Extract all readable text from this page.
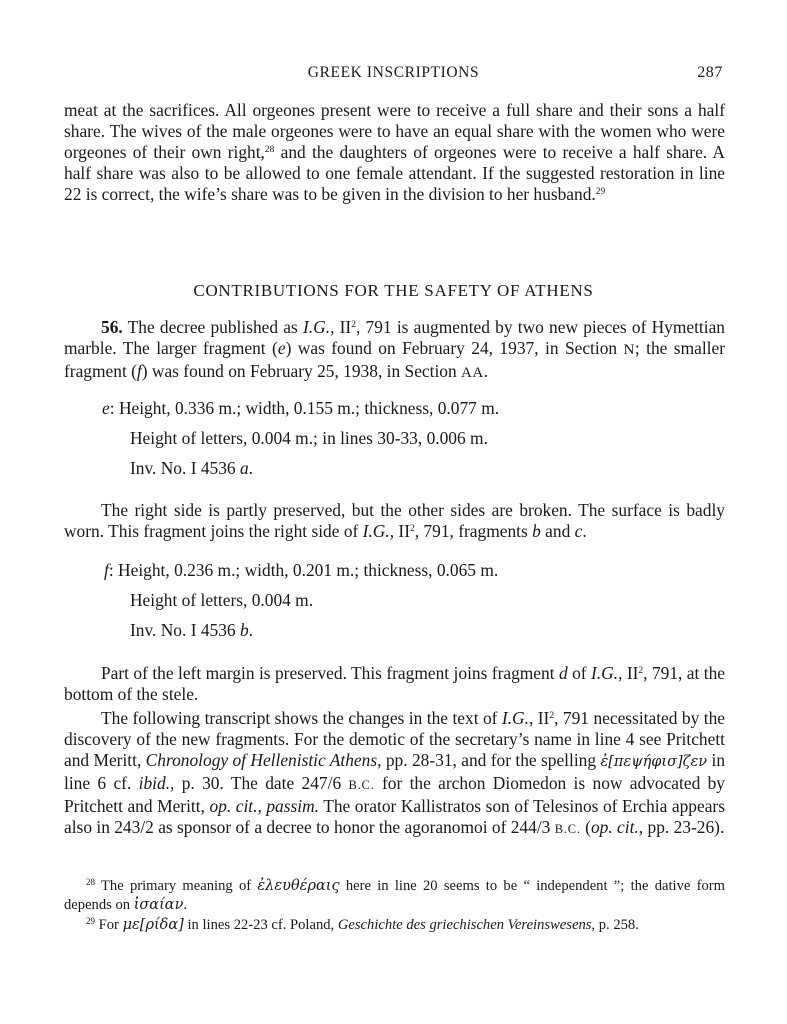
GREEK INSCRIPTIONS	287
meat at the sacrifices. All orgeones present were to receive a full share and their sons a half share. The wives of the male orgeones were to have an equal share with the women who were orgeones of their own right,$^{28}$ and the daughters of orgeones were to receive a half share. A half share was also to be allowed to one female attendant. If the suggested restoration in line 22 is correct, the wife’s share was to be given in the division to her husband.$^{29}$
CONTRIBUTIONS FOR THE SAFETY OF ATHENS
56. The decree published as I.G., $II^2$, 791 is augmented by two new pieces of Hymettian marble. The larger fragment (e) was found on February 24, 1937, in Section N; the smaller fragment (f) was found on February 25, 1938, in Section AA.
e: Height, 0.336 m.; width, 0.155 m.; thickness, 0.077 m.
Height of letters, 0.004 m.; in lines 30-33, 0.006 m.
Inv. No. I 4536 a.
The right side is partly preserved, but the other sides are broken. The surface is badly worn. This fragment joins the right side of I.G., $II^2$, 791, fragments b and c.
f: Height, 0.236 m.; width, 0.201 m.; thickness, 0.065 m.
Height of letters, 0.004 m.
Inv. No. I 4536 b.
Part of the left margin is preserved. This fragment joins fragment d of I.G., $II^2$, 791, at the bottom of the stele.
The following transcript shows the changes in the text of I.G., $II^2$, 791 necessitated by the discovery of the new fragments. For the demotic of the secretary’s name in line 4 see Pritchett and Meritt, Chronology of Hellenistic Athens, pp. 28-31, and for the spelling ἐ[πεψήφισ]ζεν in line 6 cf. ibid., p. 30. The date 247/6 B.C. for the archon Diomedon is now advocated by Pritchett and Meritt, op. cit., passim. The orator Kallistratos son of Telesinos of Erchia appears also in 243/2 as sponsor of a decree to honor the agoranomoi of 244/3 B.C. (op. cit., pp. 23-26).
$^{28}$ The primary meaning of ἐλευθέραις here in line 20 seems to be “ independent ”; the dative form depends on ἰσαίαν.
$^{29}$ For με[ρίδα] in lines 22-23 cf. Poland, Geschichte des griechischen Vereinswesens, p. 258.
